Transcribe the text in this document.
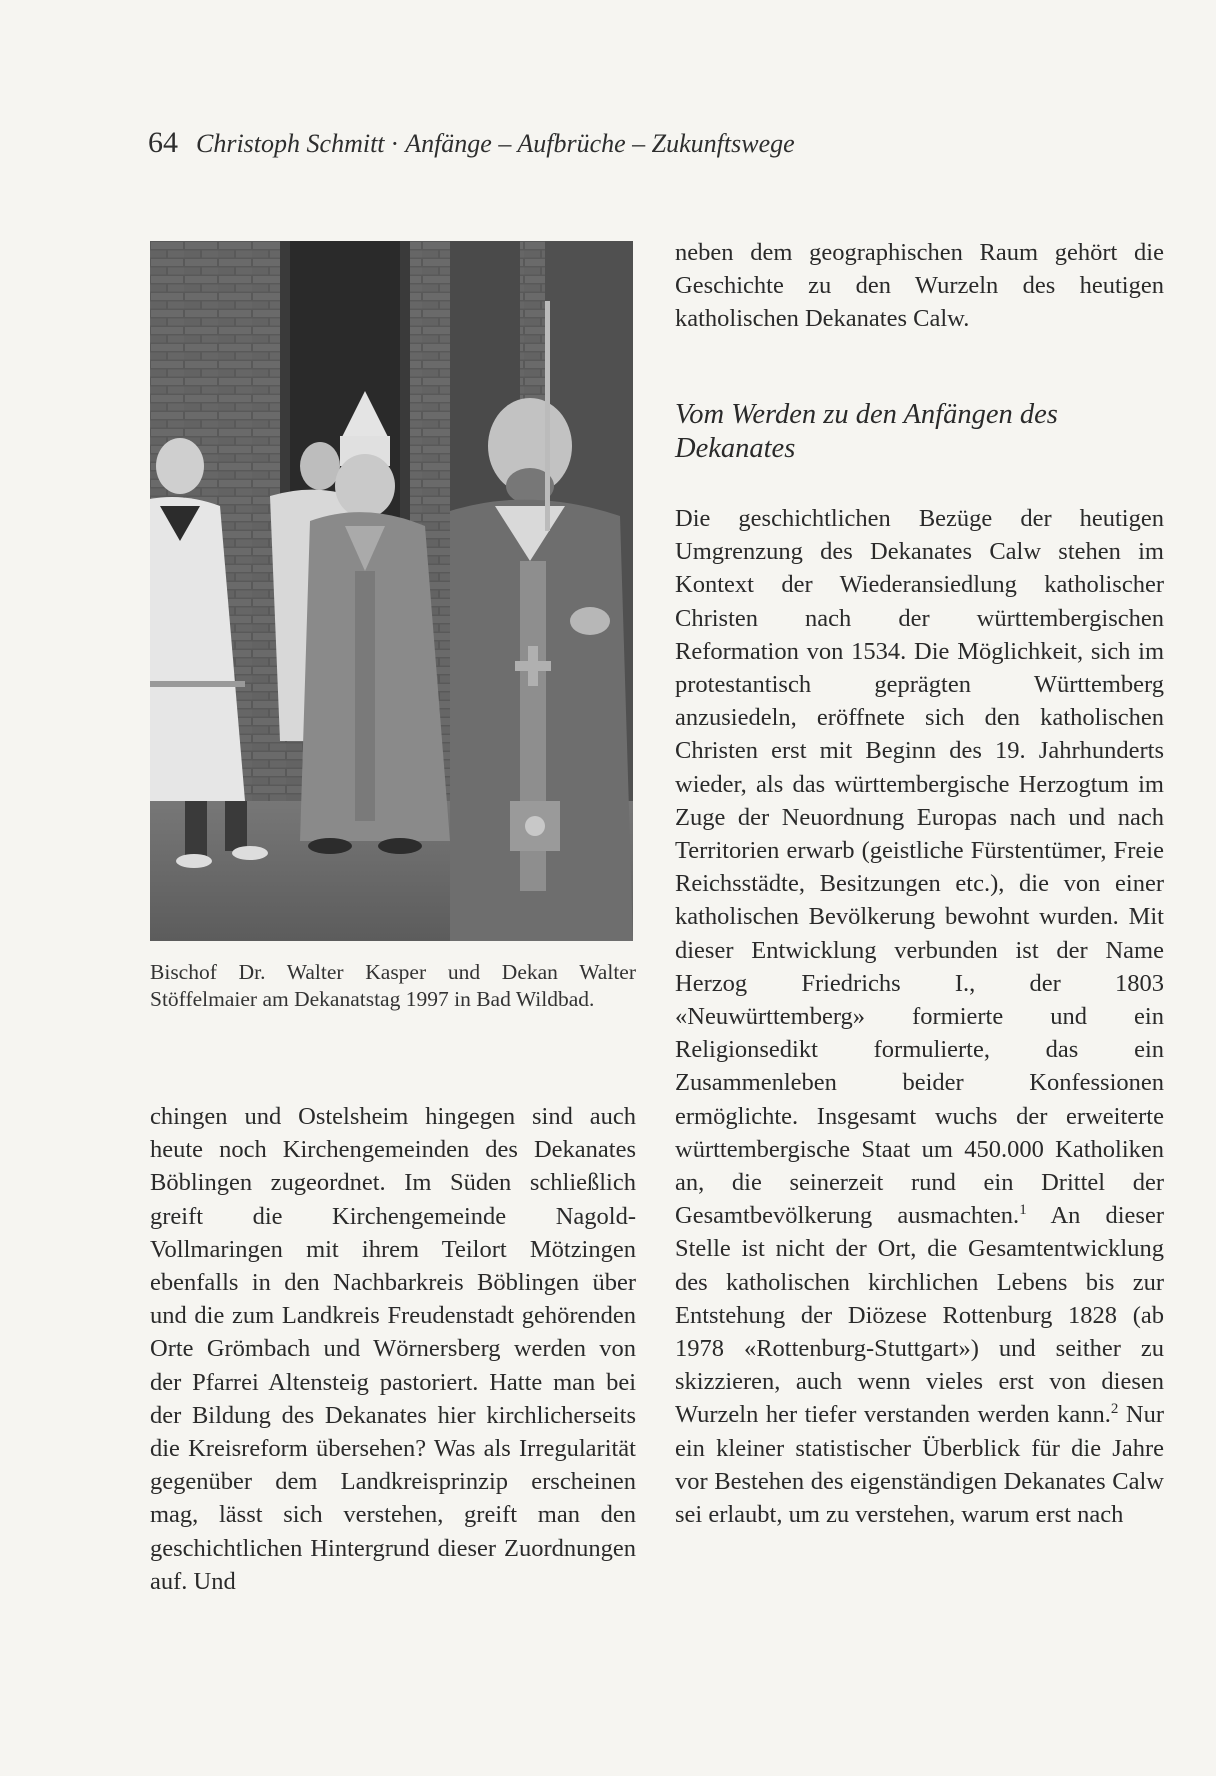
64 Christoph Schmitt · Anfänge – Aufbrüche – Zukunftswege
Bischof Dr. Walter Kasper und Dekan Walter Stöffelmaier am Dekanatstag 1997 in Bad Wildbad.

chingen und Ostelsheim hingegen sind auch heute noch Kirchengemeinden des Dekanates Böblingen zugeordnet. Im Süden schließlich greift die Kirchengemeinde Nagold-Vollmaringen mit ihrem Teilort Mötzingen ebenfalls in den Nachbarkreis Böblingen über und die zum Landkreis Freudenstadt gehörenden Orte Grömbach und Wörnersberg werden von der Pfarrei Altensteig pastoriert. Hatte man bei der Bildung des Dekanates hier kirchlicherseits die Kreisreform übersehen? Was als Irregularität gegenüber dem Landkreisprinzip erscheinen mag, lässt sich verstehen, greift man den geschichtlichen Hintergrund dieser Zuordnungen auf. Und

neben dem geographischen Raum gehört die Geschichte zu den Wurzeln des heutigen katholischen Dekanates Calw.

Vom Werden zu den Anfängen des Dekanates

Die geschichtlichen Bezüge der heutigen Umgrenzung des Dekanates Calw stehen im Kontext der Wiederansiedlung katholischer Christen nach der württembergischen Reformation von 1534. Die Möglichkeit, sich im protestantisch geprägten Württemberg anzusiedeln, eröffnete sich den katholischen Christen erst mit Beginn des 19. Jahrhunderts wieder, als das württembergische Herzogtum im Zuge der Neuordnung Europas nach und nach Territorien erwarb (geistliche Fürstentümer, Freie Reichsstädte, Besitzungen etc.), die von einer katholischen Bevölkerung bewohnt wurden. Mit dieser Entwicklung verbunden ist der Name Herzog Friedrichs I., der 1803 «Neuwürttemberg» formierte und ein Religionsedikt formulierte, das ein Zusammenleben beider Konfessionen ermöglichte. Insgesamt wuchs der erweiterte württembergische Staat um 450.000 Katholiken an, die seinerzeit rund ein Drittel der Gesamtbevölkerung ausmachten.$^1$ An dieser Stelle ist nicht der Ort, die Gesamtentwicklung des katholischen kirchlichen Lebens bis zur Entstehung der Diözese Rottenburg 1828 (ab 1978 «Rottenburg-Stuttgart») und seither zu skizzieren, auch wenn vieles erst von diesen Wurzeln her tiefer verstanden werden kann.$^2$ Nur ein kleiner statistischer Überblick für die Jahre vor Bestehen des eigenständigen Dekanates Calw sei erlaubt, um zu verstehen, warum erst nach
